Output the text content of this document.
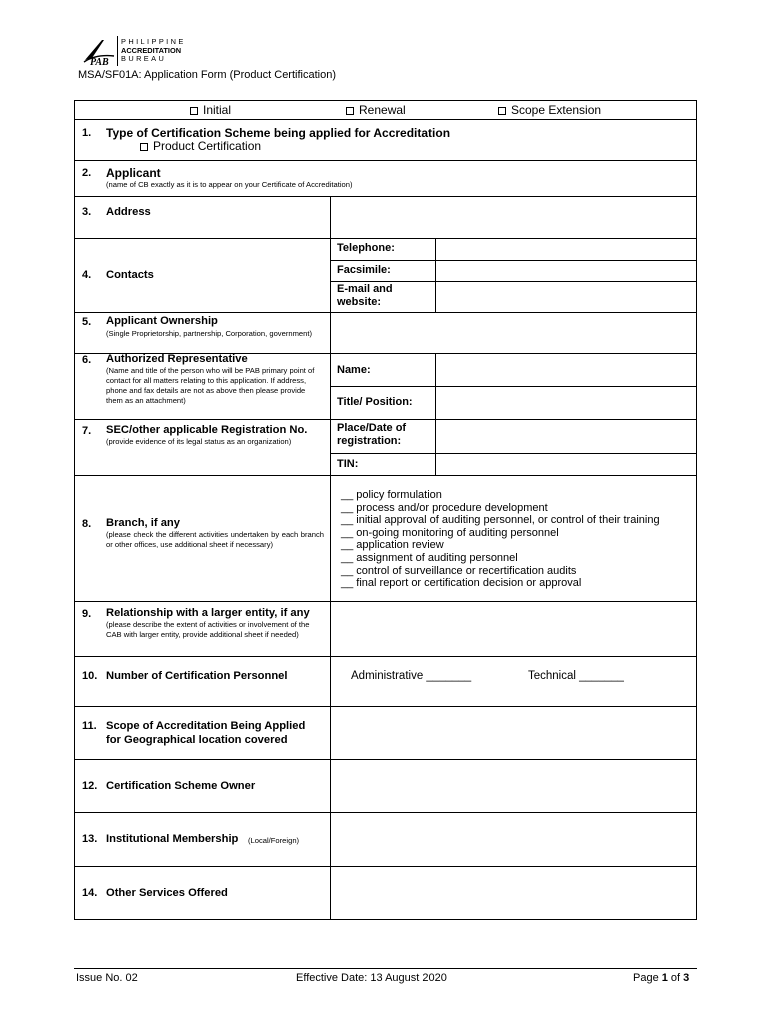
PAB
PHILIPPINE
ACCREDITATION
BUREAU
MSA/SF01A: Application Form (Product Certification)
Initial	Renewal	Scope Extension
1. Type of Certification Scheme being applied for Accreditation
Product Certification
2. Applicant
(name of CB exactly as it is to appear on your Certificate of Accreditation)
3. Address
4. Contacts
Telephone:
Facsimile:
E-mail and website:
5. Applicant Ownership
(Single Proprietorship, partnership, Corporation, government)
6. Authorized Representative
(Name and title of the person who will be PAB primary point of contact for all matters relating to this application. If address, phone and fax details are not as above then please provide them as an attachment)
Name:
Title/ Position:
7. SEC/other applicable Registration No.
(provide evidence of its legal status as an organization)
Place/Date of registration:
TIN:
8. Branch, if any
(please check the different activities undertaken by each branch or other offices, use additional sheet if necessary)
__ policy formulation
__ process and/or procedure development
__ initial approval of auditing personnel, or control of their training
__ on-going monitoring of auditing personnel
__ application review
__ assignment of auditing personnel
__ control of surveillance or recertification audits
__ final report or certification decision or approval
9. Relationship with a larger entity, if any
(please describe the extent of activities or involvement of the CAB with larger entity, provide additional sheet if needed)
10. Number of Certification Personnel	Administrative _______	Technical _______
11. Scope of Accreditation Being Applied
for Geographical location covered
12. Certification Scheme Owner
13. Institutional Membership (Local/Foreign)
14. Other Services Offered
Issue No. 02	Effective Date: 13 August 2020	Page 1 of 3
